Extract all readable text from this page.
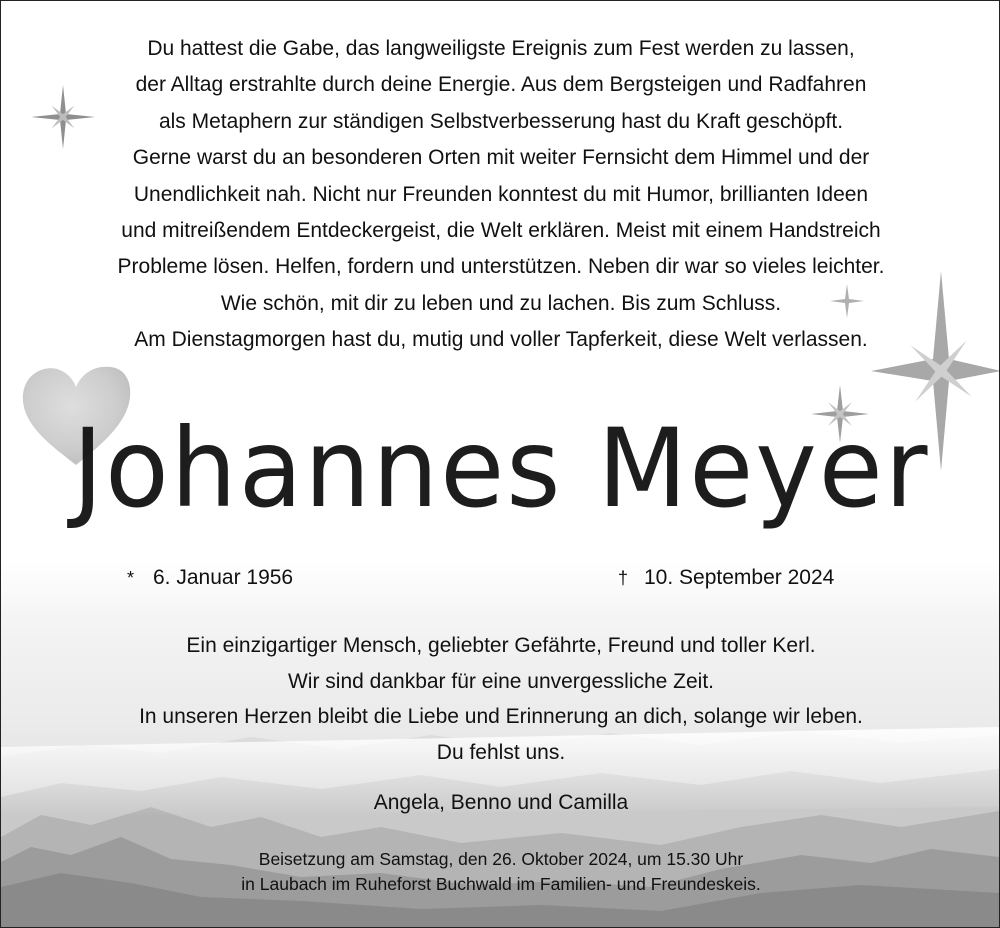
Du hattest die Gabe, das langweiligste Ereignis zum Fest werden zu lassen,
der Alltag erstrahlte durch deine Energie. Aus dem Bergsteigen und Radfahren
als Metaphern zur ständigen Selbstverbesserung hast du Kraft geschöpft.
Gerne warst du an besonderen Orten mit weiter Fernsicht dem Himmel und der
Unendlichkeit nah. Nicht nur Freunden konntest du mit Humor, brillianten Ideen
und mitreißendem Entdeckergeist, die Welt erklären. Meist mit einem Handstreich
Probleme lösen. Helfen, fordern und unterstützen. Neben dir war so vieles leichter.
Wie schön, mit dir zu leben und zu lachen. Bis zum Schluss.
Am Dienstagmorgen hast du, mutig und voller Tapferkeit, diese Welt verlassen.

Johannes Meyer
* 6. Januar 1956	† 10. September 2024

Ein einzigartiger Mensch, geliebter Gefährte, Freund und toller Kerl.
Wir sind dankbar für eine unvergessliche Zeit.
In unseren Herzen bleibt die Liebe und Erinnerung an dich, solange wir leben.
Du fehlst uns.

Angela, Benno und Camilla
Beisetzung am Samstag, den 26. Oktober 2024, um 15.30 Uhr
in Laubach im Ruheforst Buchwald im Familien- und Freundeskeis.
